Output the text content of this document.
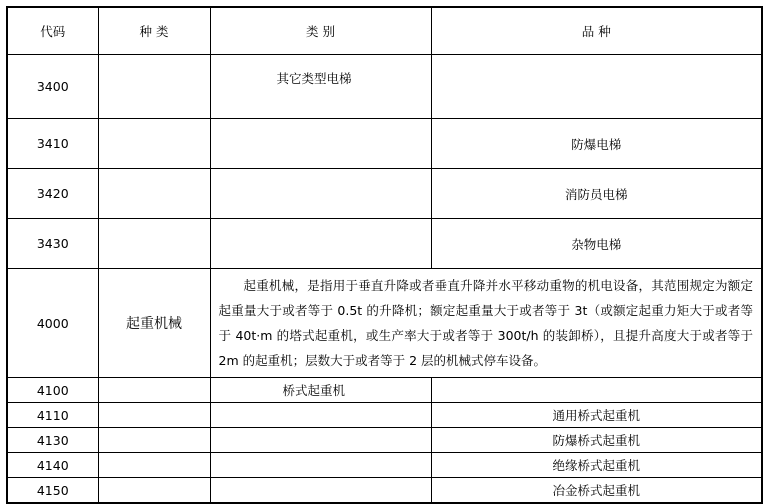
代码	种 类	类 别	品 种
3400		其它类型电梯	
3410			防爆电梯
3420			消防员电梯
3430			杂物电梯
4000	起重机械	起重机械，是指用于垂直升降或者垂直升降并水平移动重物的机电设备，其范围规定为额定起重量大于或者等于 0.5t 的升降机；额定起重量大于或者等于 3t（或额定起重力矩大于或者等于 40t·m 的塔式起重机，或生产率大于或者等于 300t/h 的装卸桥），且提升高度大于或者等于 2m 的起重机；层数大于或者等于 2 层的机械式停车设备。	
4100		桥式起重机	
4110			通用桥式起重机
4130			防爆桥式起重机
4140			绝缘桥式起重机
4150			冶金桥式起重机
